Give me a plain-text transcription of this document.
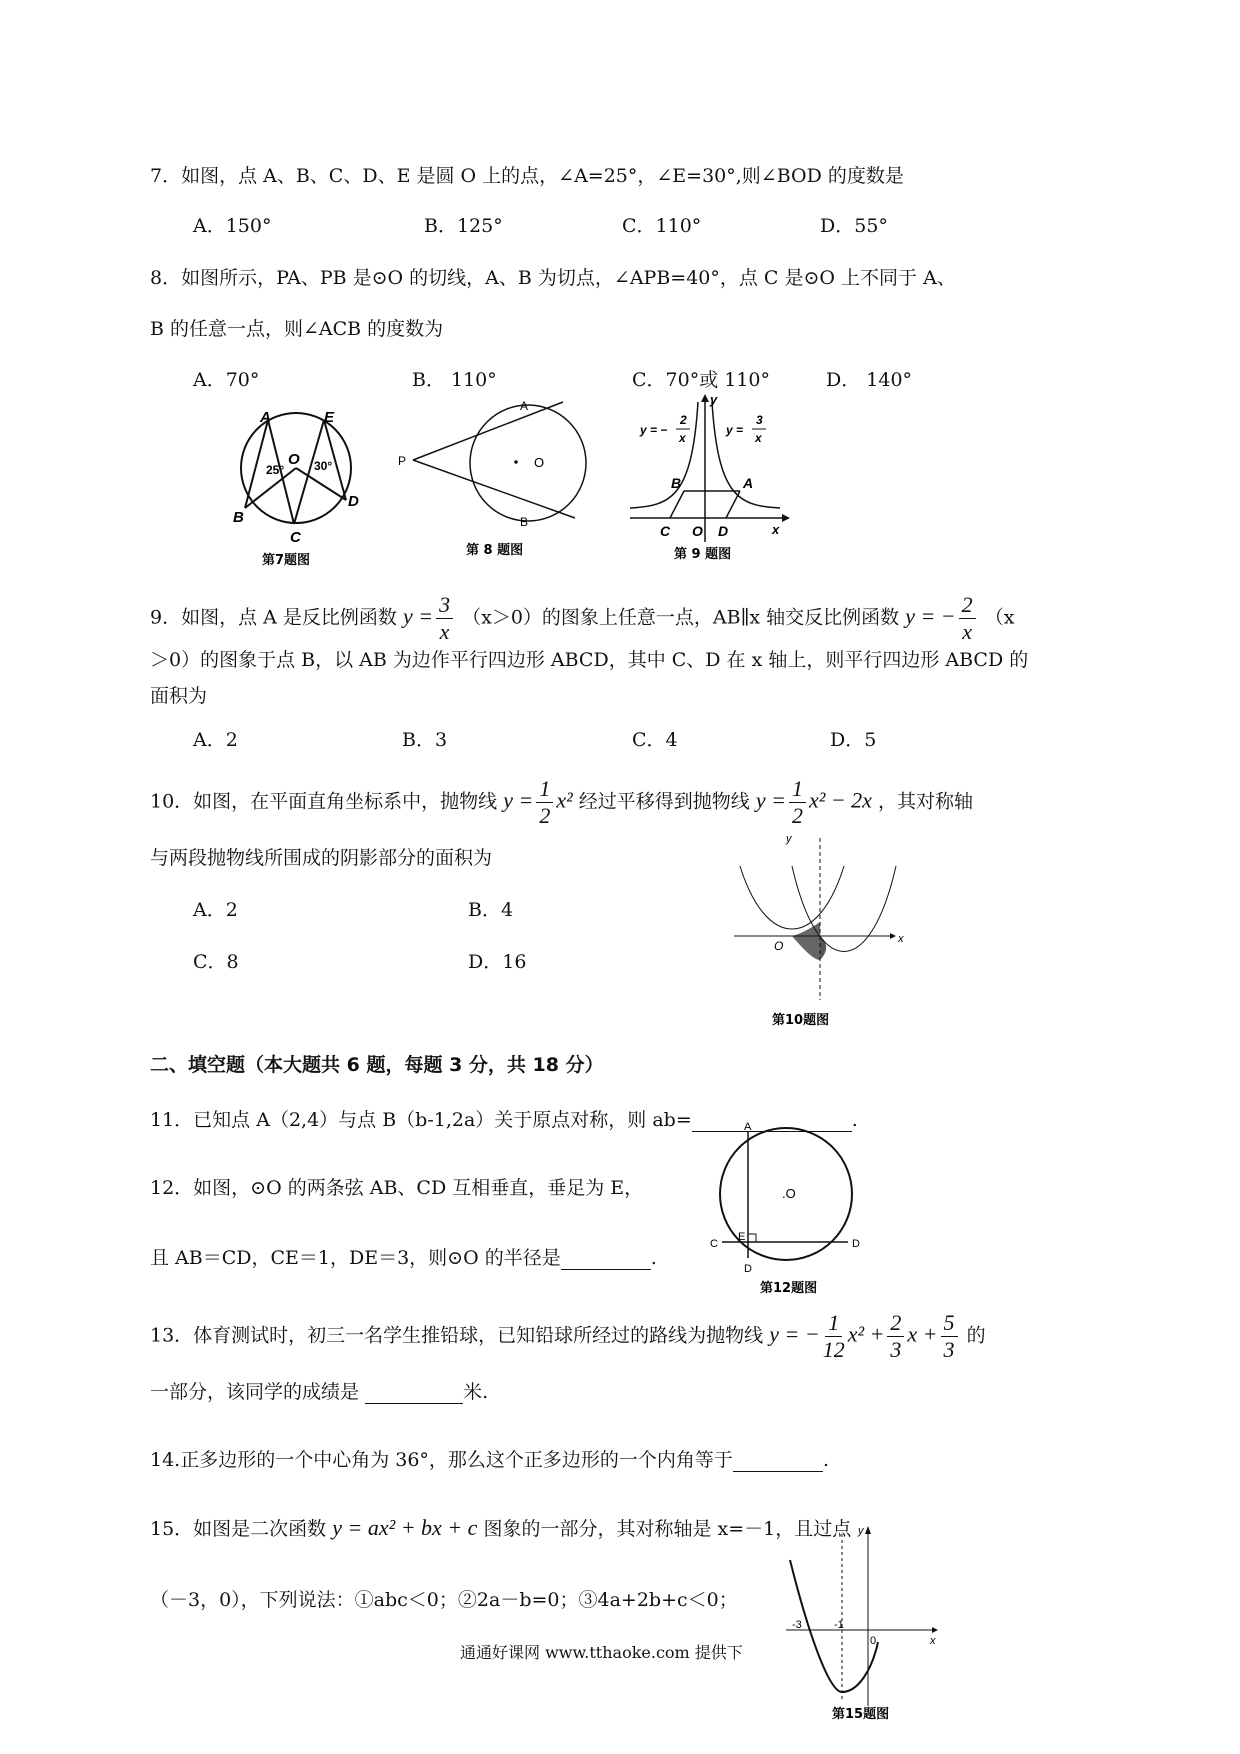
7．如图，点 A、B、C、D、E 是圆 O 上的点，∠A=25°，∠E=30°,则∠BOD 的度数是
A．150°	B．125°	C．110°	D．55°
8．如图所示，PA、PB 是⊙O 的切线，A、B 为切点，∠APB=40°，点 C 是⊙O 上不同于 A、
B 的任意一点，则∠ACB 的度数为
A．70°	B． 110°	C．70°或 110°	D． 140°
A	E
O
25° 30°
B
D
C
第7题图
P
A
B
O
第 8 题图
y
x
B	A
C O D
y = −
2
x
y =
3
x
第 9 题图
9．如图，点 A 是反比例函数 $y = \frac{3}{x} (x>0)$的图象上任意一点，AB∥x 轴交反比例函数 y = − $\frac{2}{x} (x$
＞0）的图象于点 B，以 AB 为边作平行四边形 ABCD，其中 C、D 在 x 轴上，则平行四边形 ABCD 的
面积为
A．2	B．3	C．4	D．5
10．如图，在平面直角坐标系中，抛物线 $y = \frac{1}{2} x^2$ 经过平移得到抛物线 $y = \frac{1}{2} x^2 - 2x$ ，其对称轴
与两段抛物线所围成的阴影部分的面积为
A．2	B．4
C．8	D．16
y
x
O
第10题图
二、填空题（本大题共 6 题，每题 3 分，共 18 分）
11．已知点 A（2,4）与点 B（b-1,2a）关于原点对称，则 ab=	.
12．如图，⊙O 的两条弦 AB、CD 互相垂直，垂足为 E，
且 AB＝CD，CE＝1，DE＝3，则⊙O 的半径是	.
A
C
E
D
D
.O
第12题图
13．体育测试时，初三一名学生推铅球，已知铅球所经过的路线为抛物线 y = − $\frac{1}{12} x^2 + \frac{2}{3}$ $x + \frac{5}{3}$ 的
一部分，该同学的成绩是	米.
14.正多边形的一个中心角为 36°，那么这个正多边形的一个内角等于	.
15．如图是二次函数 y = ax² + bx + c 图象的一部分，其对称轴是 x=－1，且过点
（－3，0），下列说法：①abc＜0；②2a－b=0；③4a+2b+c＜0；
通通好课网 www.tthaoke.com 提供下
y
x
-3	-1
0
第15题图
